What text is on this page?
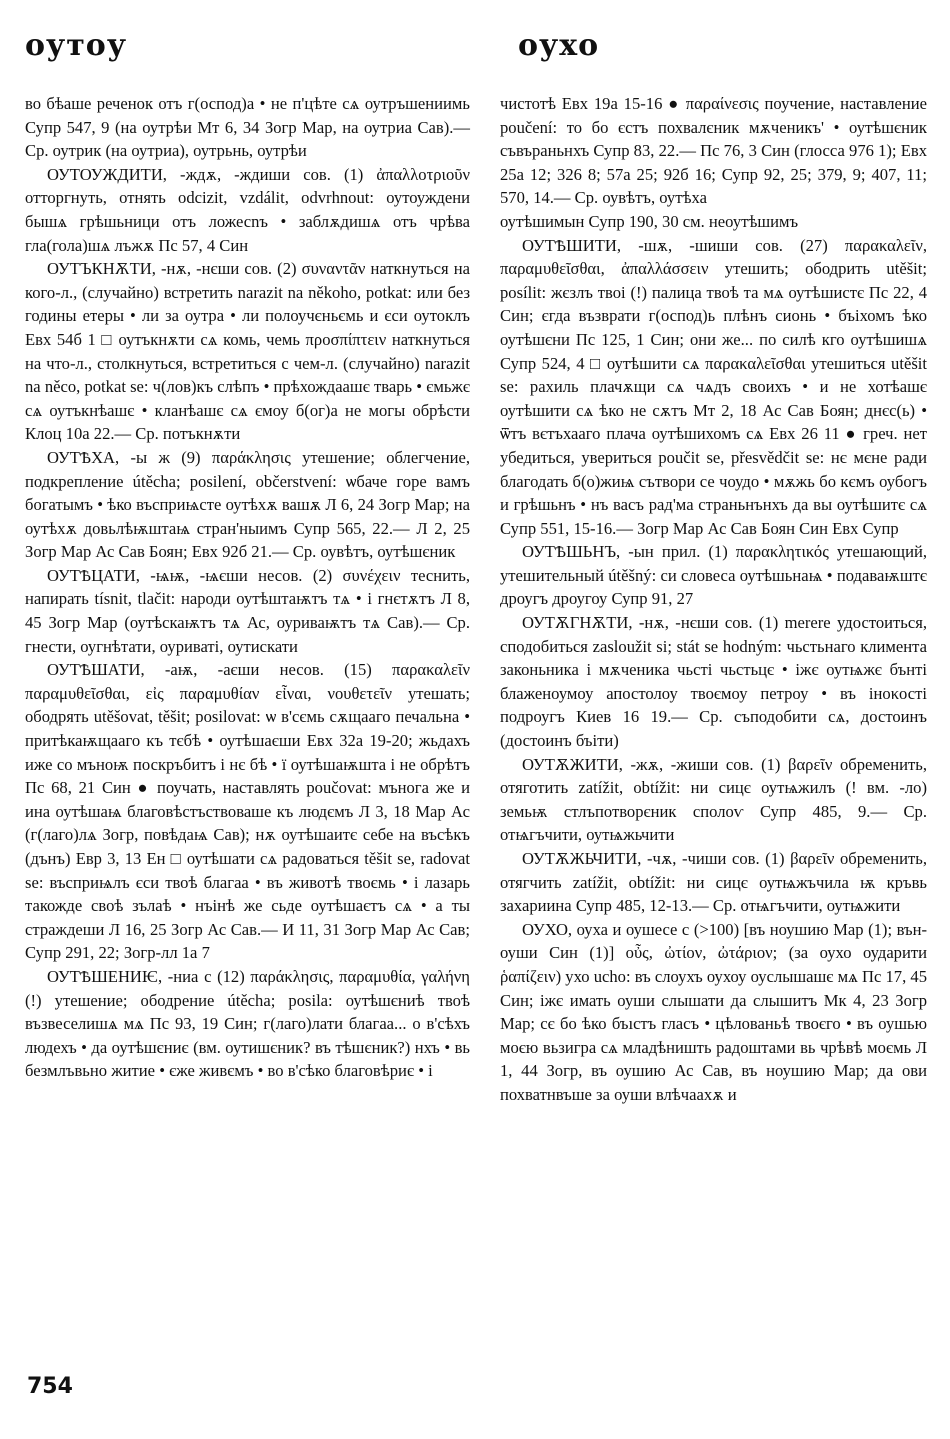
оутоу	оухо

во бѣаше реченок отъ г(оспод)а • не п'цѣте сѧ оутръшениимь Супр 547, 9 (на оутрѣи Мт 6, 34 Зогр Мар, на оутриа Сав).— Ср. оутрик (на оутриа), оутрьнь, оутрѣи

ОУТОУЖДИТИ, -ждѫ, -ждиши сов. (1) ἀπαλλοτριοῦν отторгнуть, отнять odcizit, vzdálit, odvrhnout: оутоуждени бышѧ грѣшьници отъ ложесnъ • заблѫдишѧ отъ чрѣва гла(гола)шѧ лъжѫ Пс 57, 4 Син

ОУТЪКНѪТИ, -нѫ, -нєши сов. (2) συναντᾶν наткнуться на кого-л., (случайно) встретить narazit na někoho, potkat: или без годины етеры • ли за оутра • ли полоучєньємь и єси оутоклъ Евх 54б 1 □ оутъкнѫти сѧ комь, чемь προσπίπτειν наткнуться на что-л., столкнуться, встретиться с чем-л. (случайно) narazit na něco, potkat se: ч(лов)къ слѣпъ • прѣхождаашє тварь • ємьжє сѧ оутъкнѣашє • кланѣашє сѧ ємоу б(ог)а не могы обрѣсти Клоц 10а 22.— Ср. потъкнѫти

ОУТѢХА, -ы ж (9) παράκλησις утешение; облегчение, подкрепление útěcha; posilení, občerstvení: ѡбаче горе вамъ богатымъ • ѣко въсприѩсте оутѣхѫ вашѫ Л 6, 24 Зогр Мар; на оутѣхѫ довьлѣѭштаѩ стран'ныимъ Супр 565, 22.— Л 2, 25 Зогр Мар Ас Сав Боян; Евх 92б 21.— Ср. оувѣтъ, оутѣшєник

ОУТѢЦАТИ, -ѩѭ, -ѩєши несов. (2) συνέχειν теснить, напирать tísnit, tlačit: народи оутѣштаѭтъ тѧ • і гнєтѫтъ Л 8, 45 Зогр Мар (оутѣскаѭтъ тѧ Ас, оуриваѭтъ тѧ Сав).— Ср. гнести, оугнѣтати, оуриватi, оутискати

ОУТѢШАТИ, -аѭ, -аєши несов. (15) παρακαλεῖν παραμυθεῖσθαι, εἰς παραμυθίαν εἶναι, νουθετεῖν утешать; ободрять utěšovat, těšit; posilovat: ѡ в'сємь сѫщааго печальна • притѣкаѭщааго къ тєбѣ • оутѣшаєши Евх 32а 19-20; жьдахъ иже со мъноѭ поскръбитъ і нє бѣ • ї оутѣшаѭшта і не обрѣтъ Пс 68, 21 Син ● поучать, наставлять poučovat: мънога же и ина оутѣшаѩ благовѣстъствоваше къ людємъ Л 3, 18 Мар Ас (г(лаго)лѧ Зогр, повѣдаѩ Сав); нѫ оутѣшаитє себе на въсѣкъ (дънъ) Евр 3, 13 Ен □ оутѣшати сѧ радоваться těšit se, radovat se: въсприѩлъ єси твоѣ благаа • въ животѣ твоємь • і лазарь такожде своѣ зълаѣ • нъінѣ же сьде оутѣшаєтъ сѧ • а ты страждеши Л 16, 25 Зогр Ас Сав.— И 11, 31 Зогр Мар Ас Сав; Супр 291, 22; Зогр-лл 1а 7

ОУТѢШЕНИѤ, -ниа с (12) παράκλησις, παραμυθία, γαλήνη (!) утешение; ободрение útěcha; posila: оутѣшєниѣ твоѣ възвеселишѧ мѧ Пс 93, 19 Син; г(лаго)лати благаа... о в'сѣхъ людехъ • да оутѣшєниє (вм. оутишєник? въ тѣшєник?) нхъ • вь безмлъвьно житие • єже живємъ • во в'сѣко благовѣриє • і

чистотѣ Евх 19а 15-16 ● παραίνεσις поучение, наставление poučení: то бо єстъ похвалєник мѫченикъ' • оутѣшєник съвъраньнхъ Супр 83, 22.— Пс 76, 3 Син (глосса 976 1); Евх 25а 12; 326 8; 57а 25; 92б 16; Супр 92, 25; 379, 9; 407, 11; 570, 14.— Ср. оувѣтъ, оутѣха

оутѣшимын Супр 190, 30 см. неоутѣшимъ

ОУТѢШИТИ, -шѫ, -шиши сов. (27) παρακαλεῖν, παραμυθεῖσθαι, ἀπαλλάσσειν утешить; ободрить utěšit; posílit: жєзлъ твоі (!) палица твоѣ та мѧ оутѣшистє Пс 22, 4 Син; єгда възврати г(оспод)ь плѣнъ сионь • бъіхомъ ѣко оутѣшєни Пс 125, 1 Син; они же... по силѣ кго оутѣшишѧ Супр 524, 4 □ оутѣшити сѧ παρακαλεῖσθαι утешиться utěšit se: рахиль плачѫщи сѧ чѧдъ своихъ • и не хотѣашє оутѣшити сѧ ѣко не сѫтъ Мт 2, 18 Ас Сав Боян; днєс(ь) • ѿтъ вєтъхааго плача оутѣшихомъ сѧ Евх 26 11 ● греч. нет убедиться, увериться poučit se, přesvědčit se: нє мєне ради благодать б(о)жиѩ сътвори се чоудо • мѫжь бо кємъ оубогъ и грѣшьнъ • нъ васъ рад'ма страньнънхъ да вы оутѣшитє сѧ Супр 551, 15-16.— Зогр Мар Ас Сав Боян Син Евх Супр

ОУТѢШЬНЪ, -ын прил. (1) παρακλητικός утешающий, утешительный útěšný: си словеса оутѣшьнаѩ • подаваѭштє дроугъ дроугоу Супр 91, 27

ОУТѪГНѪТИ, -нѫ, -нєши сов. (1) merere удостоиться, сподобиться zasloužit si; stát se hodným: чьстьнаго климента законьника і мѫченика чьсті чьстьцє • іжє оутѩжє бънті блаженоумоу апостолоу твоємоу петроу • въ іноκості подроугъ Киев 16 19.— Ср. съподобити сѧ, достоинъ (достоинъ бъіти)

ОУТѪЖИТИ, -жѫ, -жиши сов. (1) βαρεῖν обременить, отяготить zatížit, obtížit: ни сицє оутѩжилъ (! вм. -ло) земьѭ стлъпотворєник сполоѵ Супр 485, 9.— Ср. отѩгъчити, оутѩжьчити

ОУТѪЖЬЧИТИ, -чѫ, -чиши сов. (1) βαρεῖν обременить, отягчить zatížit, obtížit: ни сицє оутѩжъчила ѭ кръвь захариина Супр 485, 12-13.— Ср. отѩгъчити, оутѩжити

ОУХО, оуха и оушесе с (>100) [въ ноушию Мар (1); вън-оуши Син (1)] οὖς, ὠτίον, ὠτάριον; (за оухо оударити ῥαπίζειν) ухо ucho: въ слоухъ оухоу оуслышашє мѧ Пс 17, 45 Син; іжє имать оуши слышати да слышитъ Мк 4, 23 Зогр Мар; сє бо ѣко бъıстъ гласъ • цѣлованьѣ твоєго • въ оушью моєю вьзигра сѧ младѣништь радоштами вь чрѣвѣ моємь Л 1, 44 Зогр, въ оушию Ас Сав, въ ноушию Мар; да ови похватнвъше за оуши влѣчаахѫ и

754
